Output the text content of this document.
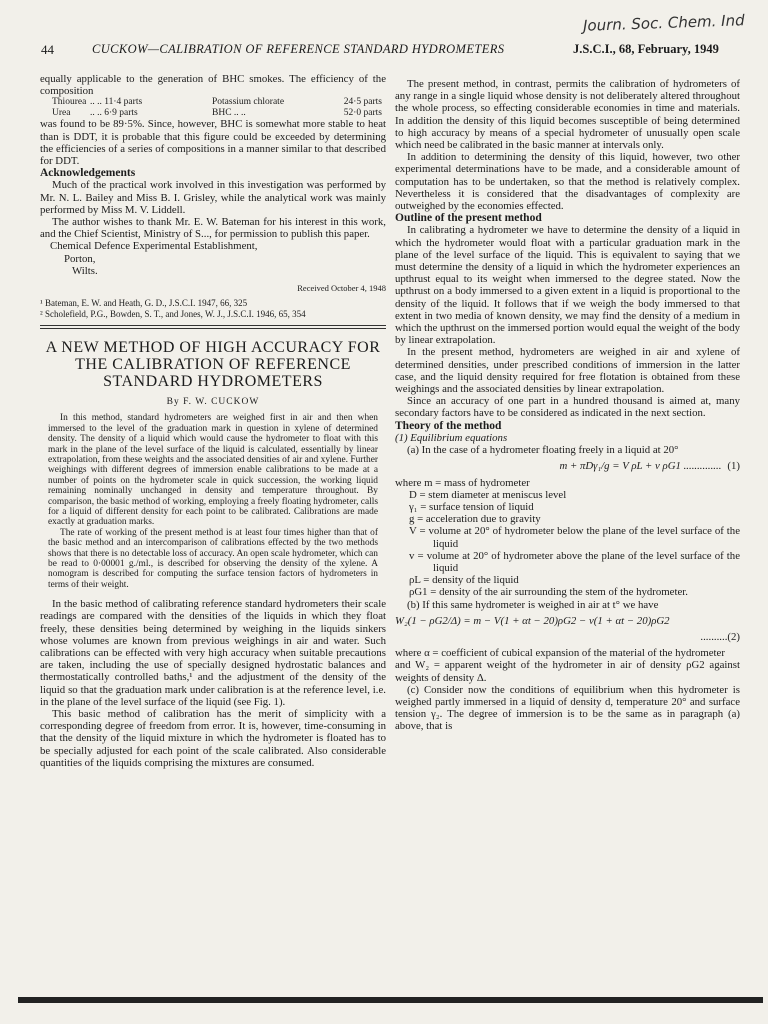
Journ. Soc. Chem. Ind
44	CUCKOW—CALIBRATION OF REFERENCE STANDARD HYDROMETERS	J.S.C.I., 68, February, 1949

equally applicable to the generation of BHC smokes. The efficiency of the composition

Thiourea .. .. 11·4 parts	Potassium chlorate	24·5 parts
Urea	.. .. 6·9 parts	BHC .. ..	52·0 parts

was found to be 89·5%. Since, however, BHC is somewhat more stable to heat than is DDT, it is probable that this figure could be exceeded by determining the efficiencies of a series of compositions in a manner similar to that described for DDT.

Acknowledgements

Much of the practical work involved in this investigation was performed by Mr. N. L. Bailey and Miss B. I. Grisley, while the analytical work was mainly performed by Miss M. V. Liddell.

The author wishes to thank Mr. E. W. Bateman for his interest in this work, and the Chief Scientist, Ministry of S..., for permission to publish this paper.

Chemical Defence Experimental Establishment,
Porton,
Wilts.
Received October 4, 1948
¹ Bateman, E. W. and Heath, G. D., J.S.C.I. 1947, 66, 325
² Scholefield, P.G., Bowden, S. T., and Jones, W. J., J.S.C.I. 1946, 65, 354
A NEW METHOD OF HIGH ACCURACY FOR THE CALIBRATION OF REFERENCE STANDARD HYDROMETERS
By F. W. CUCKOW

In this method, standard hydrometers are weighed first in air and then when immersed to the level of the graduation mark in question in xylene of determined density. The density of a liquid which would cause the hydrometer to float with this mark in the plane of the level surface of the liquid is calculated, essentially by linear extrapolation, from these weights and the associated densities of air and xylene. Further weighings with different degrees of immersion enable calibrations to be made at a number of points on the hydrometer scale in quick succession, the working liquid remaining nominally unchanged in density and temperature throughout. By comparison, the basic method of working, employing a freely floating hydrometer, calls for a liquid of different density for each point to be calibrated. Calibrations are made exactly at graduation marks.

The rate of working of the present method is at least four times higher than that of the basic method and an intercomparison of calibrations effected by the two methods shows that there is no detectable loss of accuracy. An open scale hydrometer, which can be read to 0·00001 g./ml., is described for observing the density of the xylene. A nomogram is described for computing the surface tension factors of hydrometers in terms of their weight.

In the basic method of calibrating reference standard hydrometers their scale readings are compared with the densities of the liquids in which they float freely, these densities being determined by weighing in the liquids sinkers whose volumes are known from previous weighings in air and water. Such calibrations can be effected with very high accuracy when suitable precautions are taken, including the use of specially designed hydrostatic balances and thermostatically controlled baths,¹ and the adjustment of the density of the liquid so that the graduation mark under calibration is at the reference level, i.e. in the plane of the level surface of the liquid (see Fig. 1).

This basic method of calibration has the merit of simplicity with a corresponding degree of freedom from error. It is, however, time-consuming in that the density of the liquid mixture in which the hydrometer is floated has to be specially adjusted for each point of the scale calibrated. Also considerable quantities of the liquids comprising the mixtures are consumed.

The present method, in contrast, permits the calibration of hydrometers of any range in a single liquid whose density is not deliberately altered throughout the whole process, so effecting considerable economies in time and materials. In addition the density of this liquid becomes susceptible of being determined to high accuracy by means of a special hydrometer of unusually open scale which need be calibrated in the basic manner at intervals only.

In addition to determining the density of this liquid, however, two other experimental determinations have to be made, and a considerable amount of computation has to be undertaken, so that the method is relatively complex. Nevertheless it is considered that the disadvantages of complexity are outweighed by the economies effected.

Outline of the present method

In calibrating a hydrometer we have to determine the density of a liquid in which the hydrometer would float with a particular graduation mark in the plane of the level surface of the liquid. This is equivalent to saying that we must determine the density of a liquid in which the hydrometer experiences an upthrust equal to its weight when immersed to the degree stated. Now the upthrust on a body immersed to a given extent in a liquid is proportional to the density of the liquid. It follows that if we weigh the body immersed to that extent in two media of known density, we may find the density of a medium in which the upthrust on the immersed portion would equal the weight of the body by linear extrapolation.

In the present method, hydrometers are weighed in air and xylene of determined densities, under prescribed conditions of immersion in the latter case, and the liquid density required for free flotation is obtained from these weighings and the associated densities by linear extrapolation.

Since an accuracy of one part in a hundred thousand is aimed at, many secondary factors have to be considered as indicated in the next section.

Theory of the method

(1) Equilibrium equations

(a) In the case of a hydrometer floating freely in a liquid at 20°

m + πDγ₁/g = V ρL + v ρG1 .............. (1)
where m = mass of hydrometer
D = stem diameter at meniscus level
γ₁ = surface tension of liquid
g = acceleration due to gravity
V = volume at 20° of hydrometer below the plane of the level surface of the liquid
v = volume at 20° of hydrometer above the plane of the level surface of the liquid
ρL = density of the liquid
ρG1 = density of the air surrounding the stem of the hydrometer.

(b) If this same hydrometer is weighed in air at t° we have

W₂(1 − ρG2/Δ) = m − V(1 + αt − 20)ρG2 − v(1 + αt − 20)ρG2
..........(2)

where α = coefficient of cubical expansion of the material of the hydrometer

and W₂ = apparent weight of the hydrometer in air of density ρG2 against weights of density Δ.

(c) Consider now the conditions of equilibrium when this hydrometer is weighed partly immersed in a liquid of density d, temperature 20° and surface tension γ₂. The degree of immersion is to be the same as in paragraph (a) above, that is
